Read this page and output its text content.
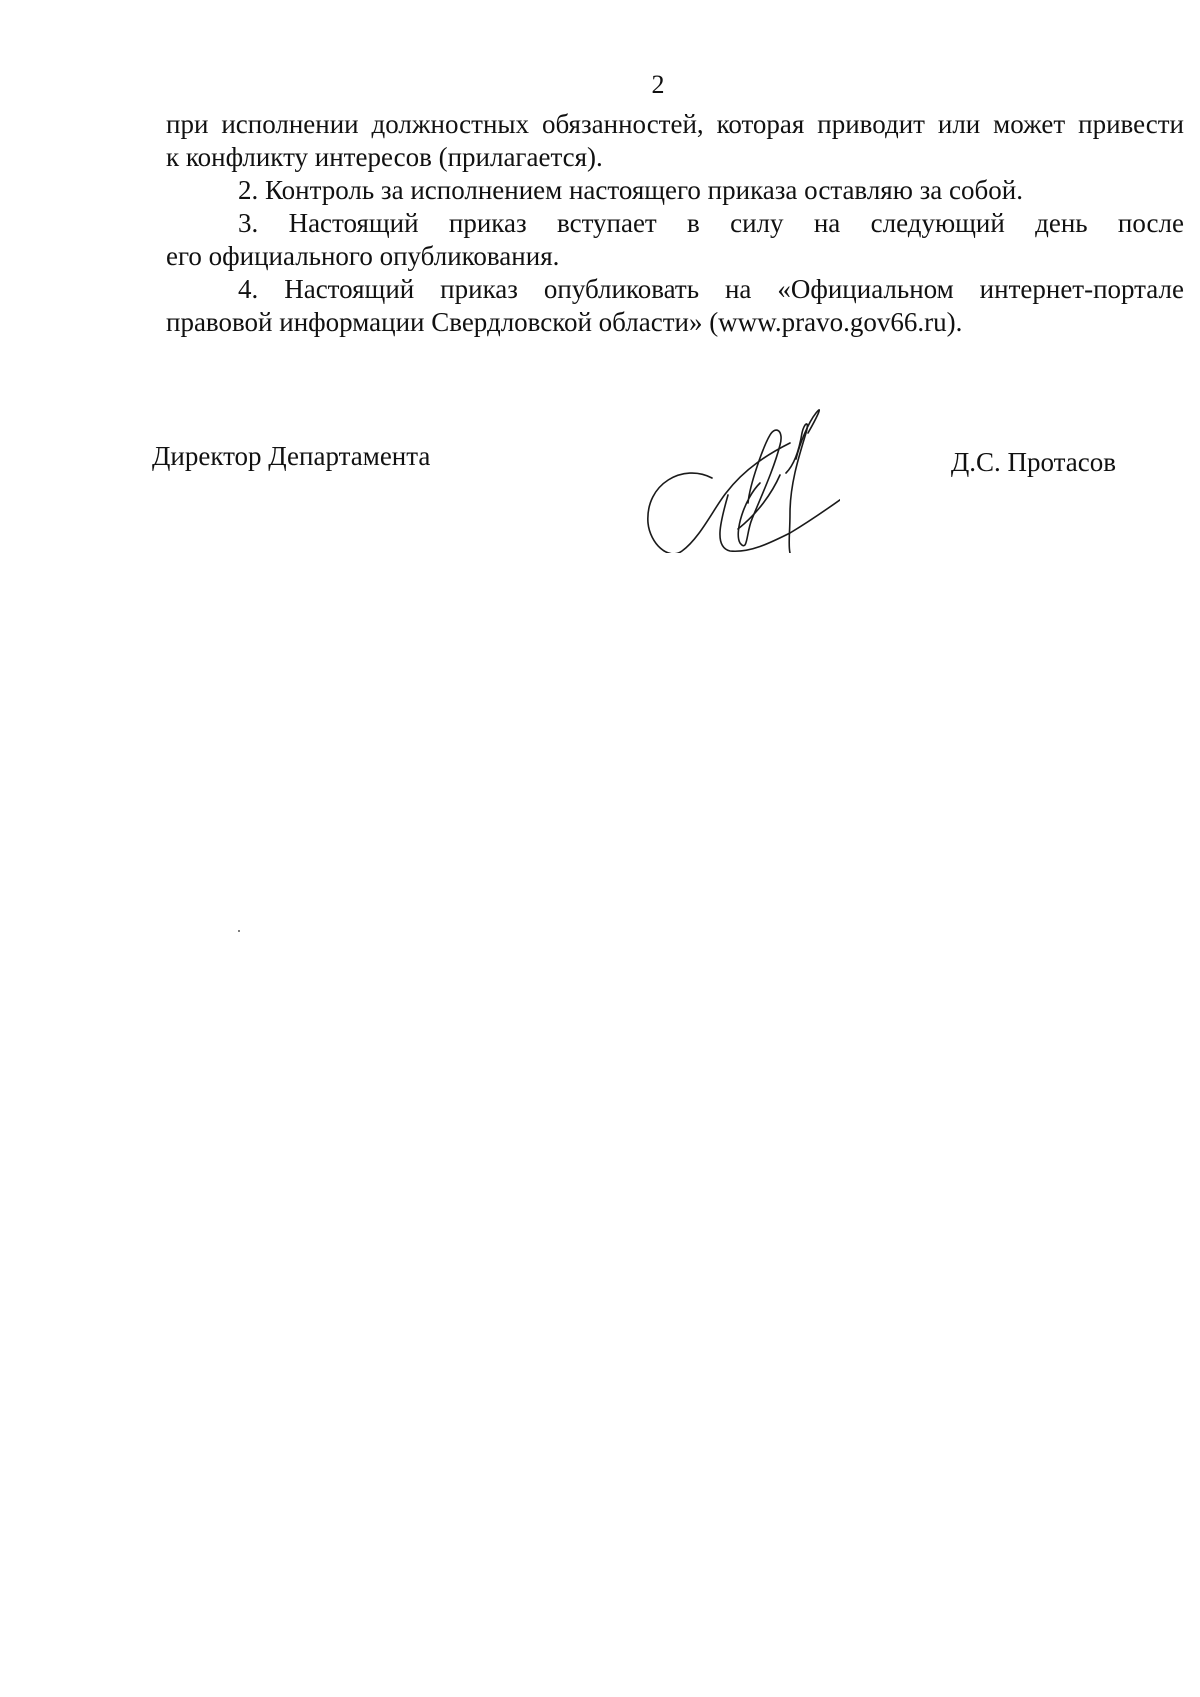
2
при исполнении должностных обязанностей, которая приводит или может привести
к конфликту интересов (прилагается).
2. Контроль за исполнением настоящего приказа оставляю за собой.
3. Настоящий приказ вступает в силу на следующий день после
его официального опубликования.
4. Настоящий приказ опубликовать на «Официальном интернет-портале
правовой информации Свердловской области» (www.pravo.gov66.ru).
Директор Департамента	Д.С. Протасов
